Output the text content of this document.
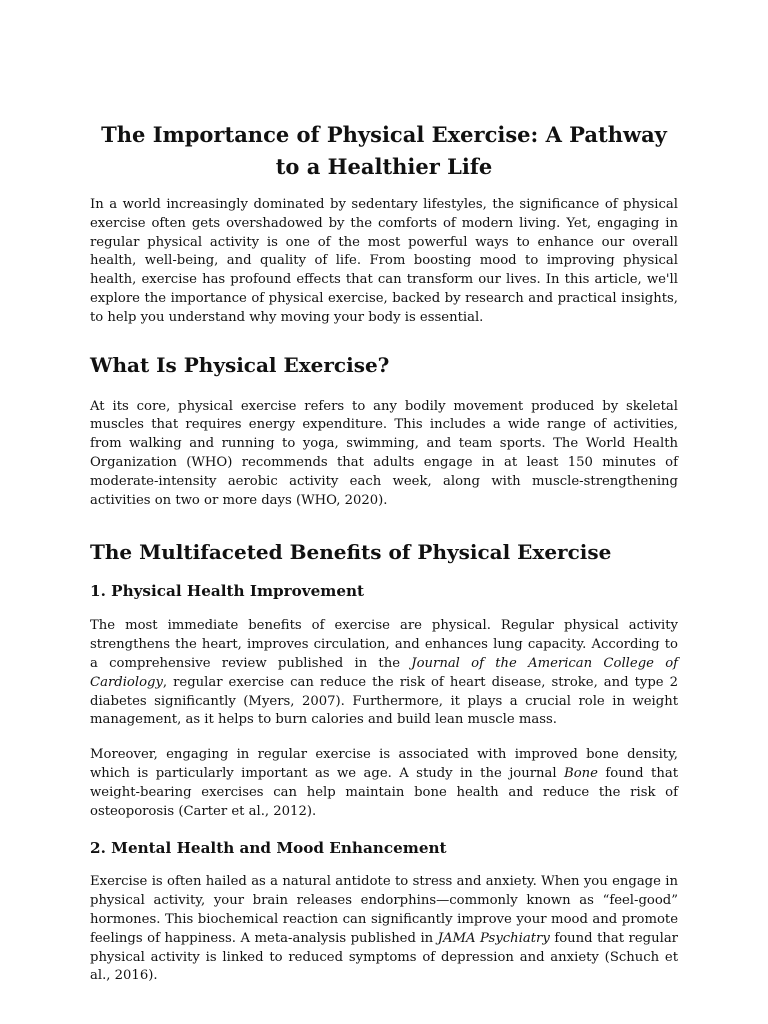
The Importance of Physical Exercise: A Pathway to a Healthier Life

In a world increasingly dominated by sedentary lifestyles, the significance of physical exercise often gets overshadowed by the comforts of modern living. Yet, engaging in regular physical activity is one of the most powerful ways to enhance our overall health, well-being, and quality of life. From boosting mood to improving physical health, exercise has profound effects that can transform our lives. In this article, we'll explore the importance of physical exercise, backed by research and practical insights, to help you understand why moving your body is essential.

What Is Physical Exercise?

At its core, physical exercise refers to any bodily movement produced by skeletal muscles that requires energy expenditure. This includes a wide range of activities, from walking and running to yoga, swimming, and team sports. The World Health Organization (WHO) recommends that adults engage in at least 150 minutes of moderate-intensity aerobic activity each week, along with muscle-strengthening activities on two or more days (WHO, 2020).

The Multifaceted Benefits of Physical Exercise
1. Physical Health Improvement

The most immediate benefits of exercise are physical. Regular physical activity strengthens the heart, improves circulation, and enhances lung capacity. According to a comprehensive review published in the Journal of the American College of Cardiology, regular exercise can reduce the risk of heart disease, stroke, and type 2 diabetes significantly (Myers, 2007). Furthermore, it plays a crucial role in weight management, as it helps to burn calories and build lean muscle mass.

Moreover, engaging in regular exercise is associated with improved bone density, which is particularly important as we age. A study in the journal Bone found that weight-bearing exercises can help maintain bone health and reduce the risk of osteoporosis (Carter et al., 2012).

2. Mental Health and Mood Enhancement

Exercise is often hailed as a natural antidote to stress and anxiety. When you engage in physical activity, your brain releases endorphins—commonly known as “feel-good” hormones. This biochemical reaction can significantly improve your mood and promote feelings of happiness. A meta-analysis published in JAMA Psychiatry found that regular physical activity is linked to reduced symptoms of depression and anxiety (Schuch et al., 2016).
